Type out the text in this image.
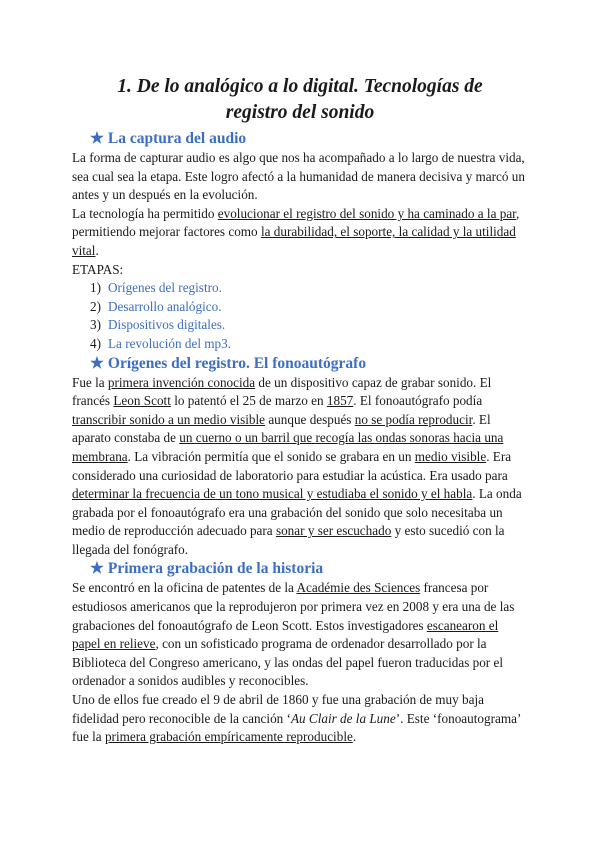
1. De lo analógico a lo digital. Tecnologías de
registro del sonido
★ La captura del audio

La forma de capturar audio es algo que nos ha acompañado a lo largo de nuestra vida, sea cual sea la etapa. Este logro afectó a la humanidad de manera decisiva y marcó un antes y un después en la evolución.

La tecnología ha permitido evolucionar el registro del sonido y ha caminado a la par, permitiendo mejorar factores como la durabilidad, el soporte, la calidad y la utilidad vital.

ETAPAS:

1) Orígenes del registro.
2) Desarrollo analógico.
3) Dispositivos digitales.
4) La revolución del mp3.
★ Orígenes del registro. El fonoautógrafo

Fue la primera invención conocida de un dispositivo capaz de grabar sonido. El francés Leon Scott lo patentó el 25 de marzo en 1857. El fonoautógrafo podía transcribir sonido a un medio visible aunque después no se podía reproducir. El aparato constaba de un cuerno o un barril que recogía las ondas sonoras hacia una membrana. La vibración permitía que el sonido se grabara en un medio visible. Era considerado una curiosidad de laboratorio para estudiar la acústica. Era usado para determinar la frecuencia de un tono musical y estudiaba el sonido y el habla. La onda grabada por el fonoautógrafo era una grabación del sonido que solo necesitaba un medio de reproducción adecuado para sonar y ser escuchado y esto sucedió con la llegada del fonógrafo.

★ Primera grabación de la historia

Se encontró en la oficina de patentes de la Académie des Sciences francesa por estudiosos americanos que la reprodujeron por primera vez en 2008 y era una de las grabaciones del fonoautógrafo de Leon Scott. Estos investigadores escanearon el papel en relieve, con un sofisticado programa de ordenador desarrollado por la Biblioteca del Congreso americano, y las ondas del papel fueron traducidas por el ordenador a sonidos audibles y reconocibles.

Uno de ellos fue creado el 9 de abril de 1860 y fue una grabación de muy baja fidelidad pero reconocible de la canción ‘Au Clair de la Lune’. Este ‘fonoautograma’ fue la primera grabación empíricamente reproducible.
